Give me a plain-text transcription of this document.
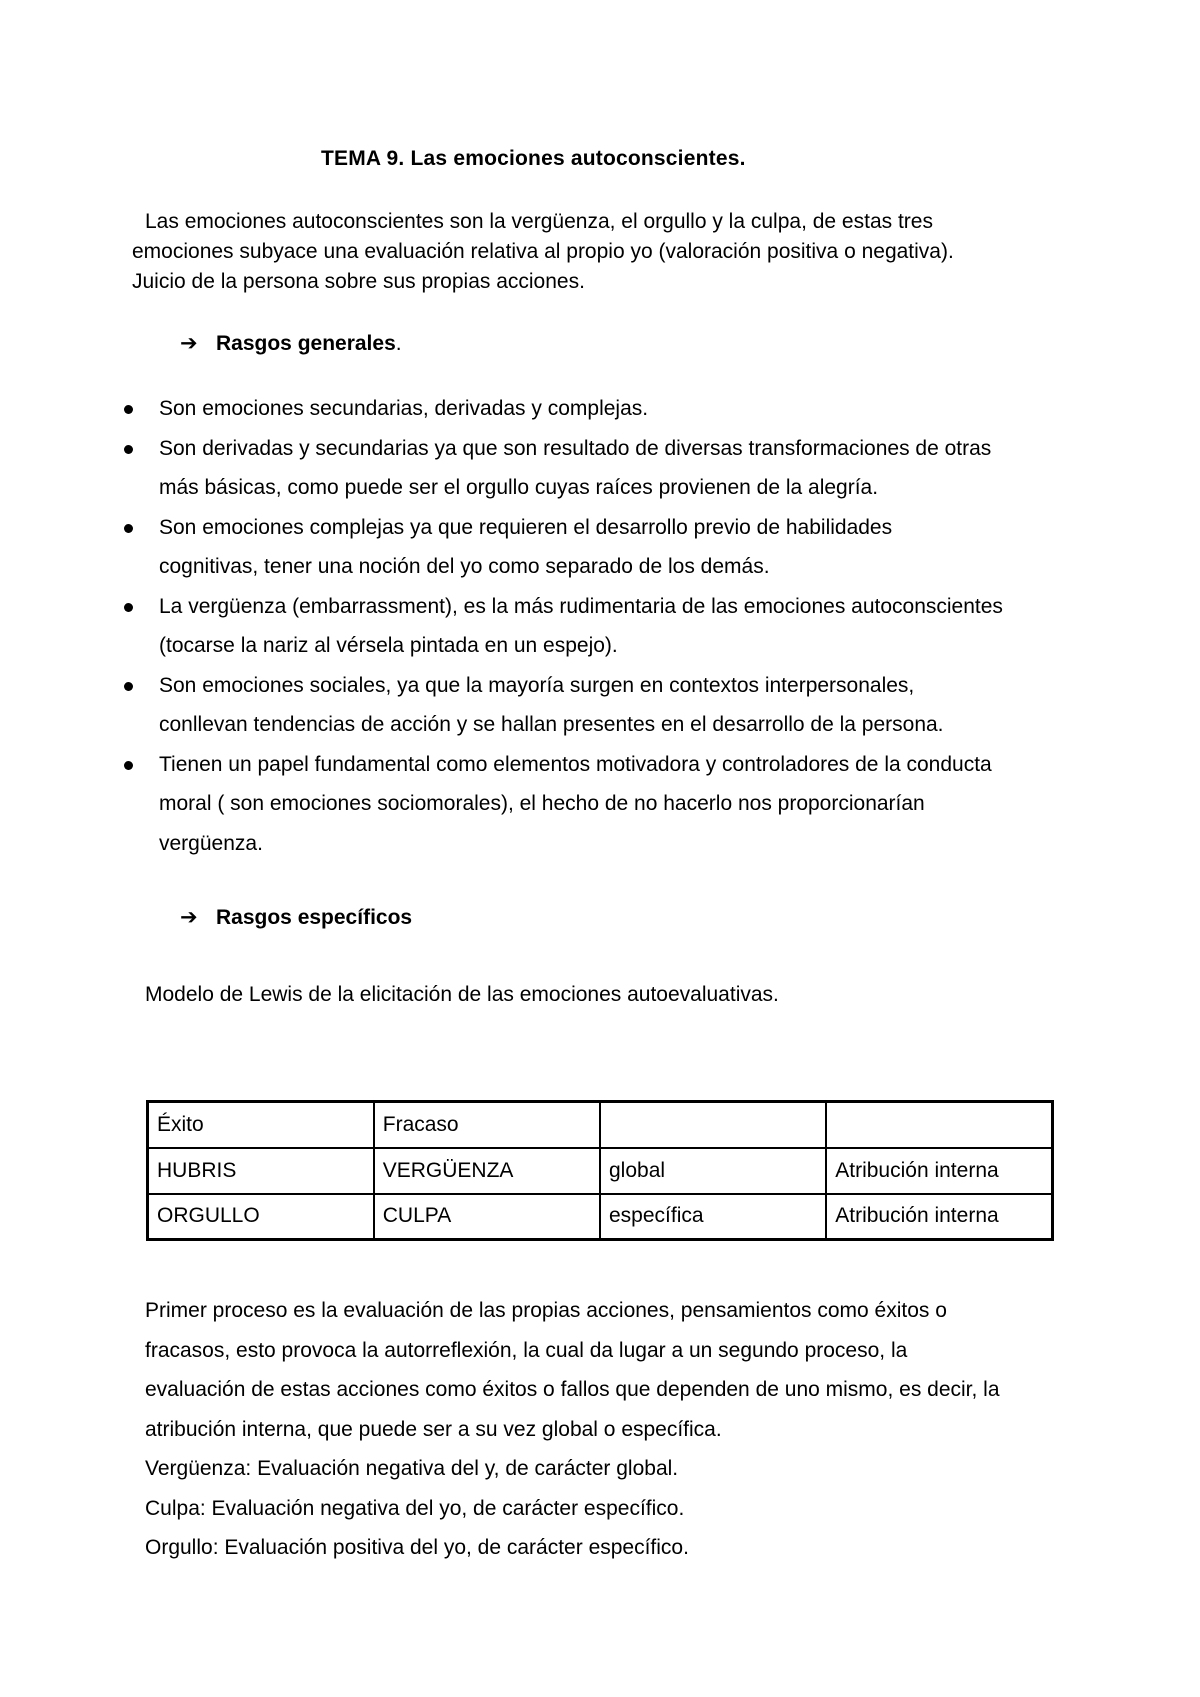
TEMA 9. Las emociones autoconscientes.
Las emociones autoconscientes son la vergüenza, el orgullo y la culpa, de estas tres
emociones subyace una evaluación relativa al propio yo (valoración positiva o negativa).
Juicio de la persona sobre sus propias acciones.
➔ Rasgos generales.
Son emociones secundarias, derivadas y complejas.
Son derivadas y secundarias ya que son resultado de diversas transformaciones de otras
más básicas, como puede ser el orgullo cuyas raíces provienen de la alegría.
Son emociones complejas ya que requieren el desarrollo previo de habilidades
cognitivas, tener una noción del yo como separado de los demás.
La vergüenza (embarrassment), es la más rudimentaria de las emociones autoconscientes
(tocarse la nariz al vérsela pintada en un espejo).
Son emociones sociales, ya que la mayoría surgen en contextos interpersonales,
conllevan tendencias de acción y se hallan presentes en el desarrollo de la persona.
Tienen un papel fundamental como elementos motivadora y controladores de la conducta
moral ( son emociones sociomorales), el hecho de no hacerlo nos proporcionarían
vergüenza.
➔ Rasgos específicos
Modelo de Lewis de la elicitación de las emociones autoevaluativas.
Éxito	Fracaso		
HUBRIS	VERGÜENZA	global	Atribución interna
ORGULLO	CULPA	específica	Atribución interna
Primer proceso es la evaluación de las propias acciones, pensamientos como éxitos o
fracasos, esto provoca la autorreflexión, la cual da lugar a un segundo proceso, la
evaluación de estas acciones como éxitos o fallos que dependen de uno mismo, es decir, la
atribución interna, que puede ser a su vez global o específica.
Vergüenza: Evaluación negativa del y, de carácter global.
Culpa: Evaluación negativa del yo, de carácter específico.
Orgullo: Evaluación positiva del yo, de carácter específico.
